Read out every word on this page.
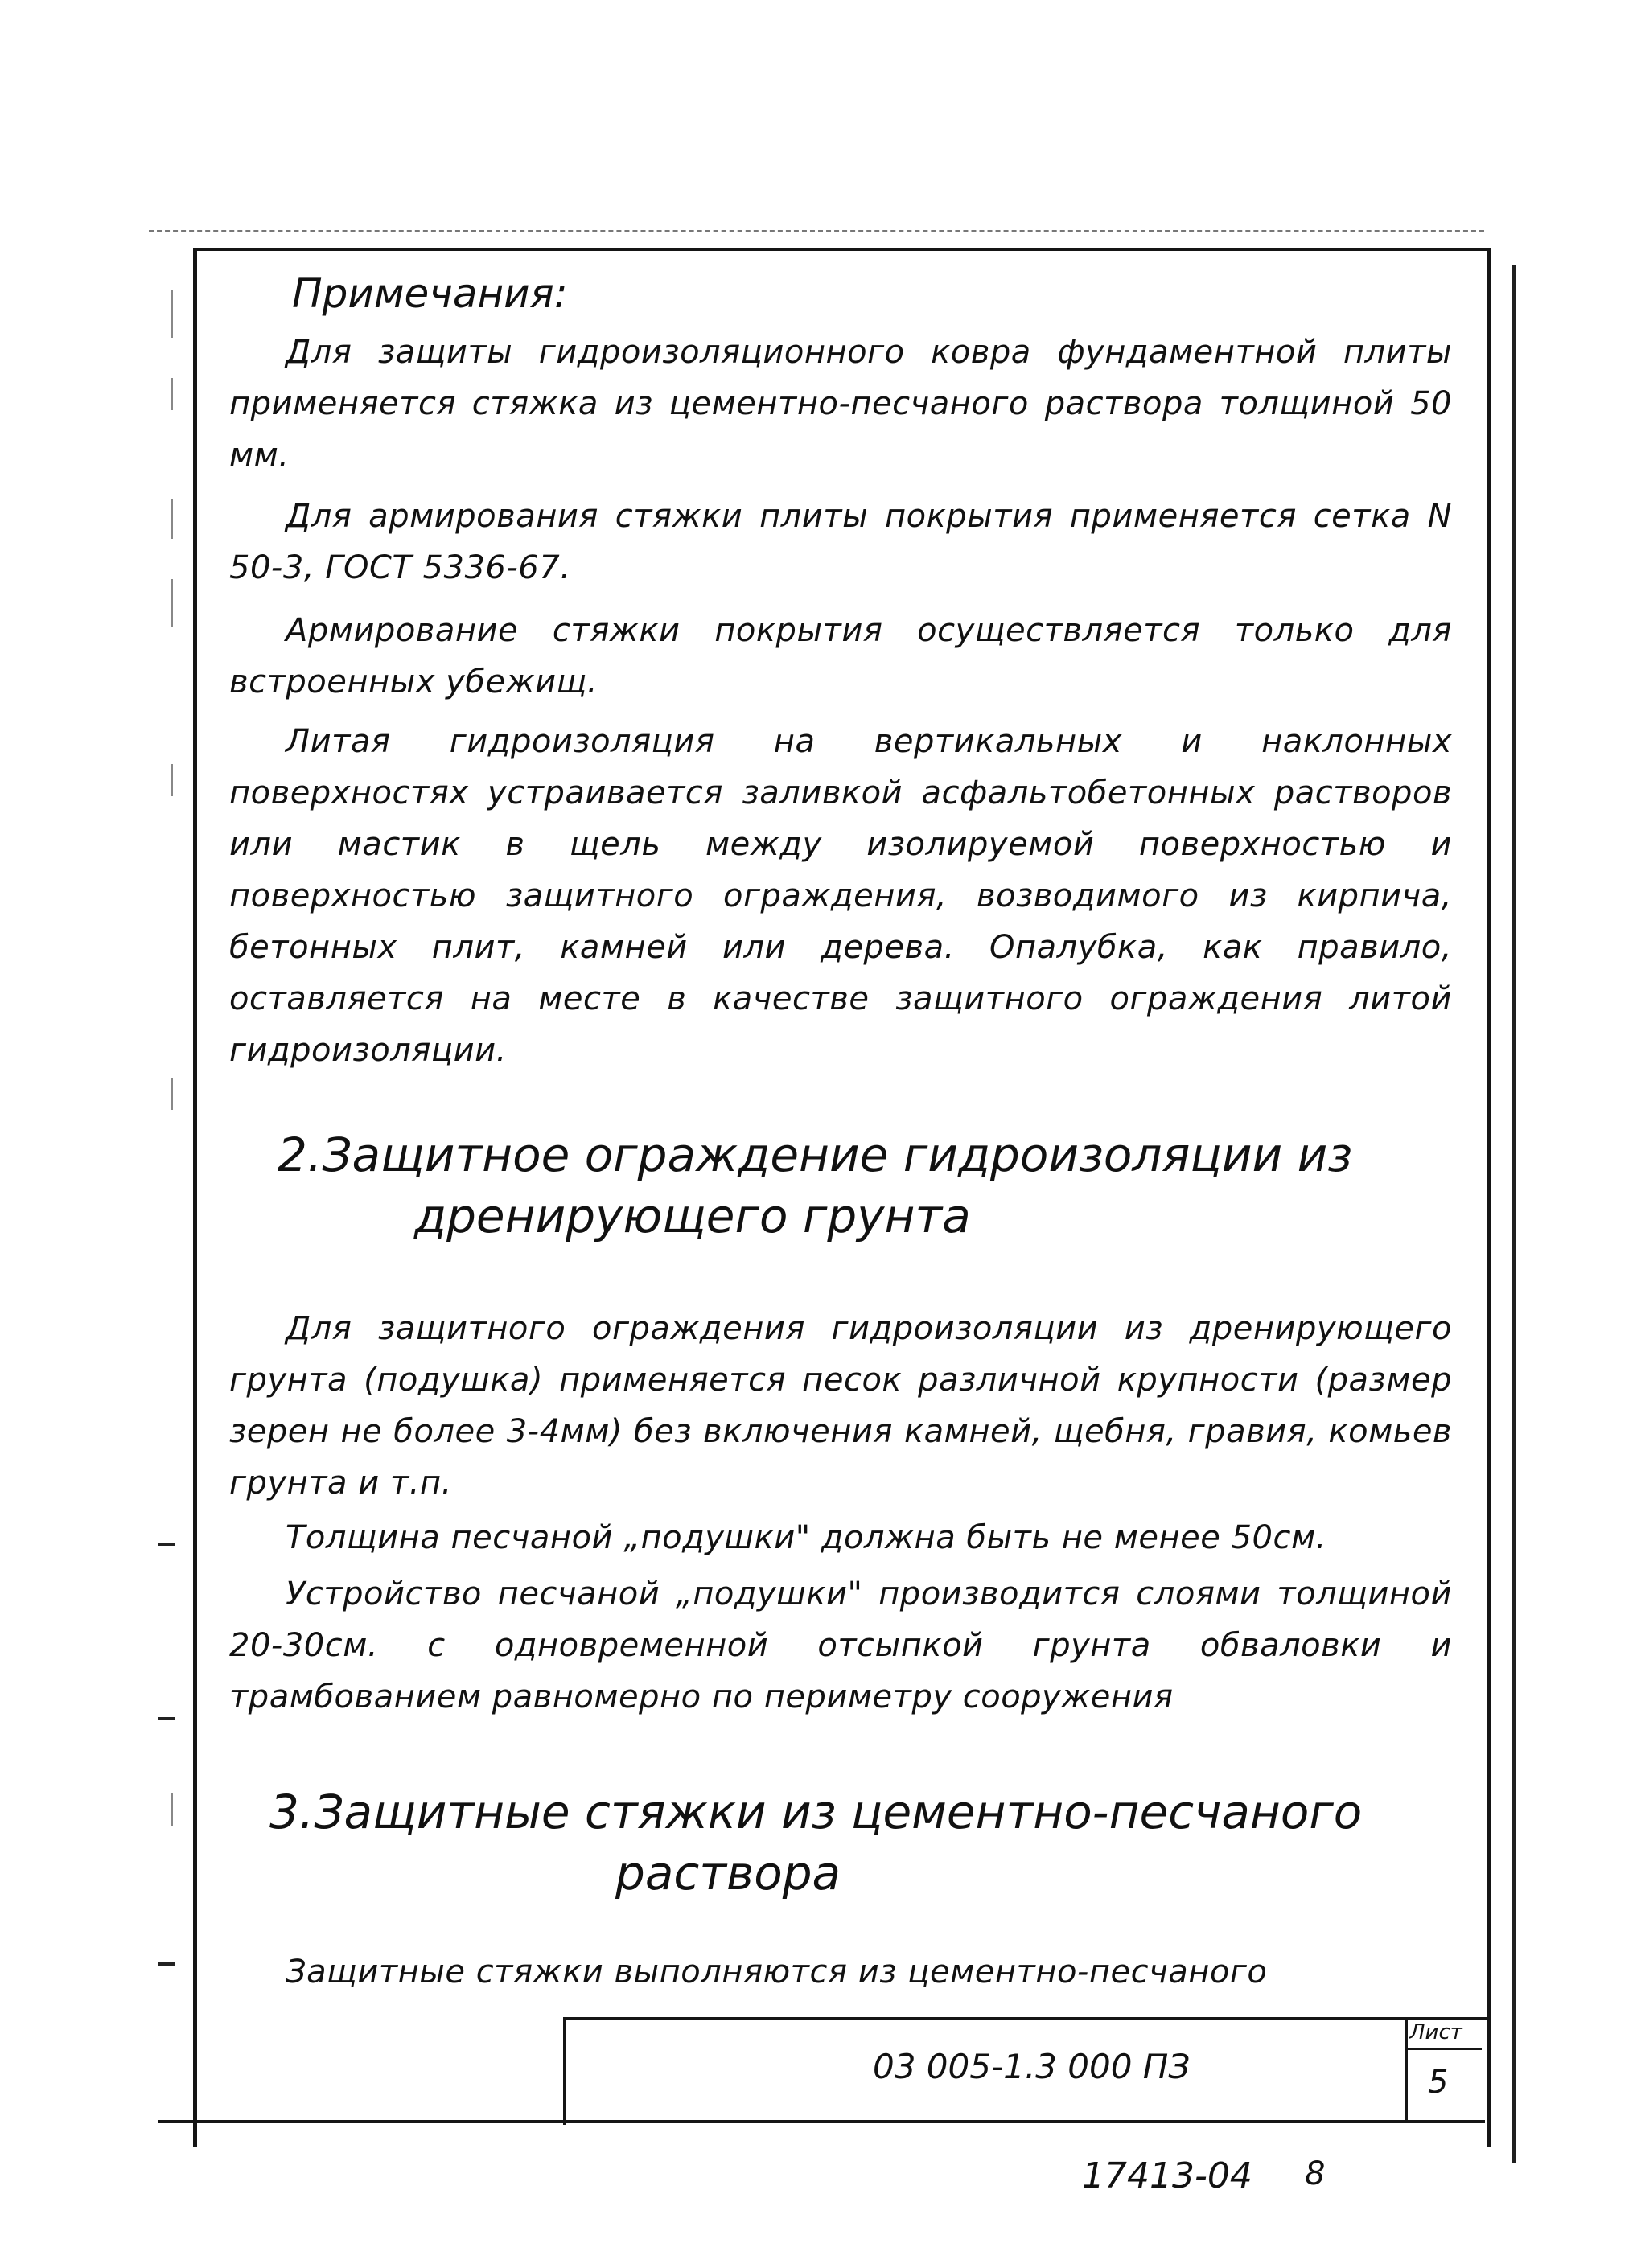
Примечания:

Для защиты гидроизоляционного ковра фундаментной плиты применяется стяжка из цементно-песчаного раствора толщиной 50 мм.

Для армирования стяжки плиты покрытия применяется сетка N 50-3, ГОСТ 5336-67.

Армирование стяжки покрытия осуществляется только для встроенных убежищ.

Литая гидроизоляция на вертикальных и наклонных поверхностях устраивается заливкой асфальтобетонных растворов или мастик в щель между изолируемой поверхностью и поверхностью защитного ограждения, возводимого из кирпича, бетонных плит, камней или дерева. Опалубка, как правило, оставляется на месте в качестве защитного ограждения литой гидроизоляции.

2.Защитное ограждение гидроизоляции из
дренирующего грунта

Для защитного ограждения гидроизоляции из дренирующего грунта (подушка) применяется песок различной крупности (размер зерен не более 3-4мм) без включения камней, щебня, гравия, комьев грунта и т.п.

Толщина песчаной „подушки" должна быть не менее 50см.

Устройство песчаной „подушки" производится слоями толщиной 20-30см. с одновременной отсыпкой грунта обваловки и трамбованием равномерно по периметру сооружения

3.Защитные стяжки из цементно-песчаного
раствора

Защитные стяжки выполняются из цементно-песчаного

03 005-1.3 000 ПЗ
Лист
5
17413-04 8
